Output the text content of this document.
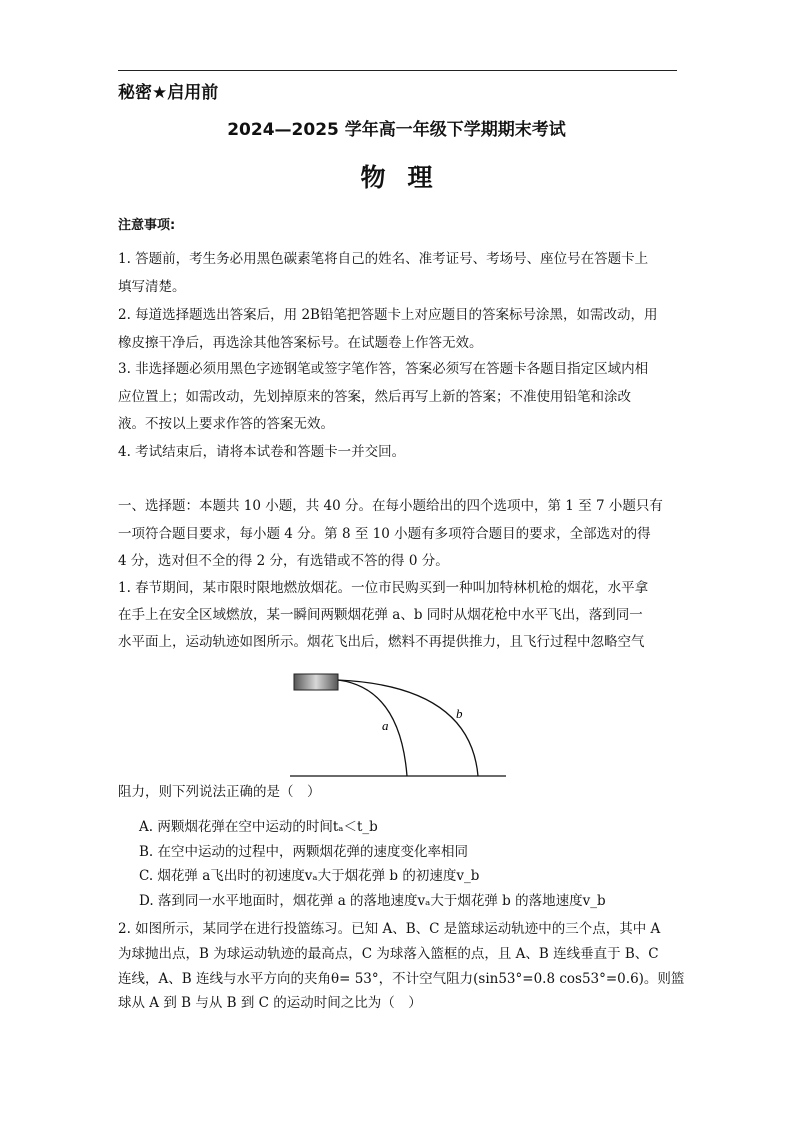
秘密★启用前
2024—2025 学年高一年级下学期期末考试
物理
注意事项:
1. 答题前，考生务必用黑色碳素笔将自己的姓名、准考证号、考场号、座位号在答题卡上
填写清楚。
2. 每道选择题选出答案后，用 2B铅笔把答题卡上对应题目的答案标号涂黑，如需改动，用
橡皮擦干净后，再选涂其他答案标号。在试题卷上作答无效。
3. 非选择题必须用黑色字迹钢笔或签字笔作答，答案必须写在答题卡各题目指定区域内相
应位置上；如需改动，先划掉原来的答案，然后再写上新的答案；不准使用铅笔和涂改
液。不按以上要求作答的答案无效。
4. 考试结束后，请将本试卷和答题卡一并交回。
一、选择题：本题共 10 小题，共 40 分。在每小题给出的四个选项中，第 1 至 7 小题只有
一项符合题目要求，每小题 4 分。第 8 至 10 小题有多项符合题目的要求，全部选对的得
4 分，选对但不全的得 2 分，有选错或不答的得 0 分。
1. 春节期间，某市限时限地燃放烟花。一位市民购买到一种叫加特林机枪的烟花，水平拿
在手上在安全区域燃放，某一瞬间两颗烟花弹 a、b 同时从烟花枪中水平飞出，落到同一
水平面上，运动轨迹如图所示。烟花飞出后，燃料不再提供推力，且飞行过程中忽略空气
a
b
阻力，则下列说法正确的是（　）
A. 两颗烟花弹在空中运动的时间tₐ＜t_b
B. 在空中运动的过程中，两颗烟花弹的速度变化率相同
C. 烟花弹 a飞出时的初速度vₐ大于烟花弹 b 的初速度v_b
D. 落到同一水平地面时，烟花弹 a 的落地速度vₐ大于烟花弹 b 的落地速度v_b
2. 如图所示，某同学在进行投篮练习。已知 A、B、C 是篮球运动轨迹中的三个点，其中 A
为球抛出点，B 为球运动轨迹的最高点，C 为球落入篮框的点，且 A、B 连线垂直于 B、C
连线，A、B 连线与水平方向的夹角θ= 53°，不计空气阻力(sin53°=0.8 cos53°=0.6)。则篮
球从 A 到 B 与从 B 到 C 的运动时间之比为（　）
